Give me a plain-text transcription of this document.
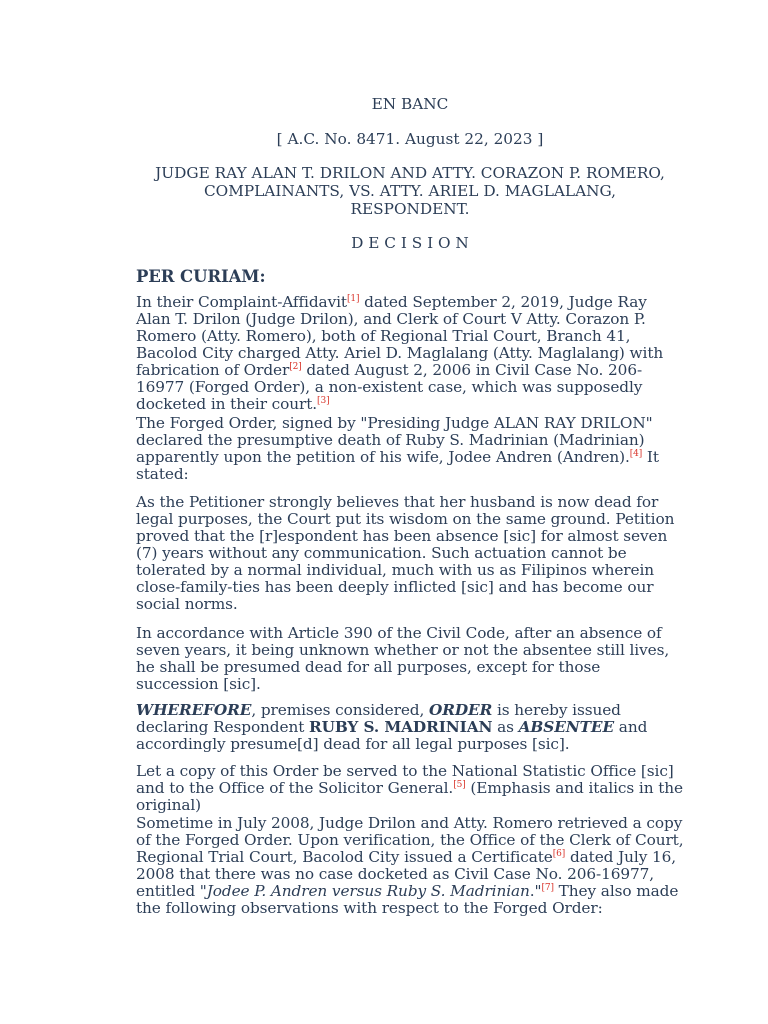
EN BANC
[ A.C. No. 8471. August 22, 2023 ]
JUDGE RAY ALAN T. DRILON AND ATTY. CORAZON P. ROMERO,
COMPLAINANTS, VS. ATTY. ARIEL D. MAGLALANG,
RESPONDENT.
D E C I S I O N
PER CURIAM:
In their Complaint-Affidavit[1] dated September 2, 2019, Judge Ray Alan T. Drilon (Judge Drilon), and Clerk of Court V Atty. Corazon P. Romero (Atty. Romero), both of Regional Trial Court, Branch 41, Bacolod City charged Atty. Ariel D. Maglalang (Atty. Maglalang) with fabrication of Order[2] dated August 2, 2006 in Civil Case No. 206-16977 (Forged Order), a non-existent case, which was supposedly docketed in their court.[3]
The Forged Order, signed by "Presiding Judge ALAN RAY DRILON" declared the presumptive death of Ruby S. Madrinian (Madrinian) apparently upon the petition of his wife, Jodee Andren (Andren).[4] It stated:
As the Petitioner strongly believes that her husband is now dead for legal purposes, the Court put its wisdom on the same ground. Petition proved that the [r]espondent has been absence [sic] for almost seven (7) years without any communication. Such actuation cannot be tolerated by a normal individual, much with us as Filipinos wherein close-family-ties has been deeply inflicted [sic] and has become our social norms.
In accordance with Article 390 of the Civil Code, after an absence of seven years, it being unknown whether or not the absentee still lives, he shall be presumed dead for all purposes, except for those succession [sic].
WHEREFORE, premises considered, ORDER is hereby issued declaring Respondent RUBY S. MADRINIAN as ABSENTEE and accordingly presume[d] dead for all legal purposes [sic].
Let a copy of this Order be served to the National Statistic Office [sic] and to the Office of the Solicitor General.[5] (Emphasis and italics in the original)
Sometime in July 2008, Judge Drilon and Atty. Romero retrieved a copy of the Forged Order. Upon verification, the Office of the Clerk of Court, Regional Trial Court, Bacolod City issued a Certificate[6] dated July 16, 2008 that there was no case docketed as Civil Case No. 206-16977, entitled "Jodee P. Andren versus Ruby S. Madrinian."[7] They also made the following observations with respect to the Forged Order:
